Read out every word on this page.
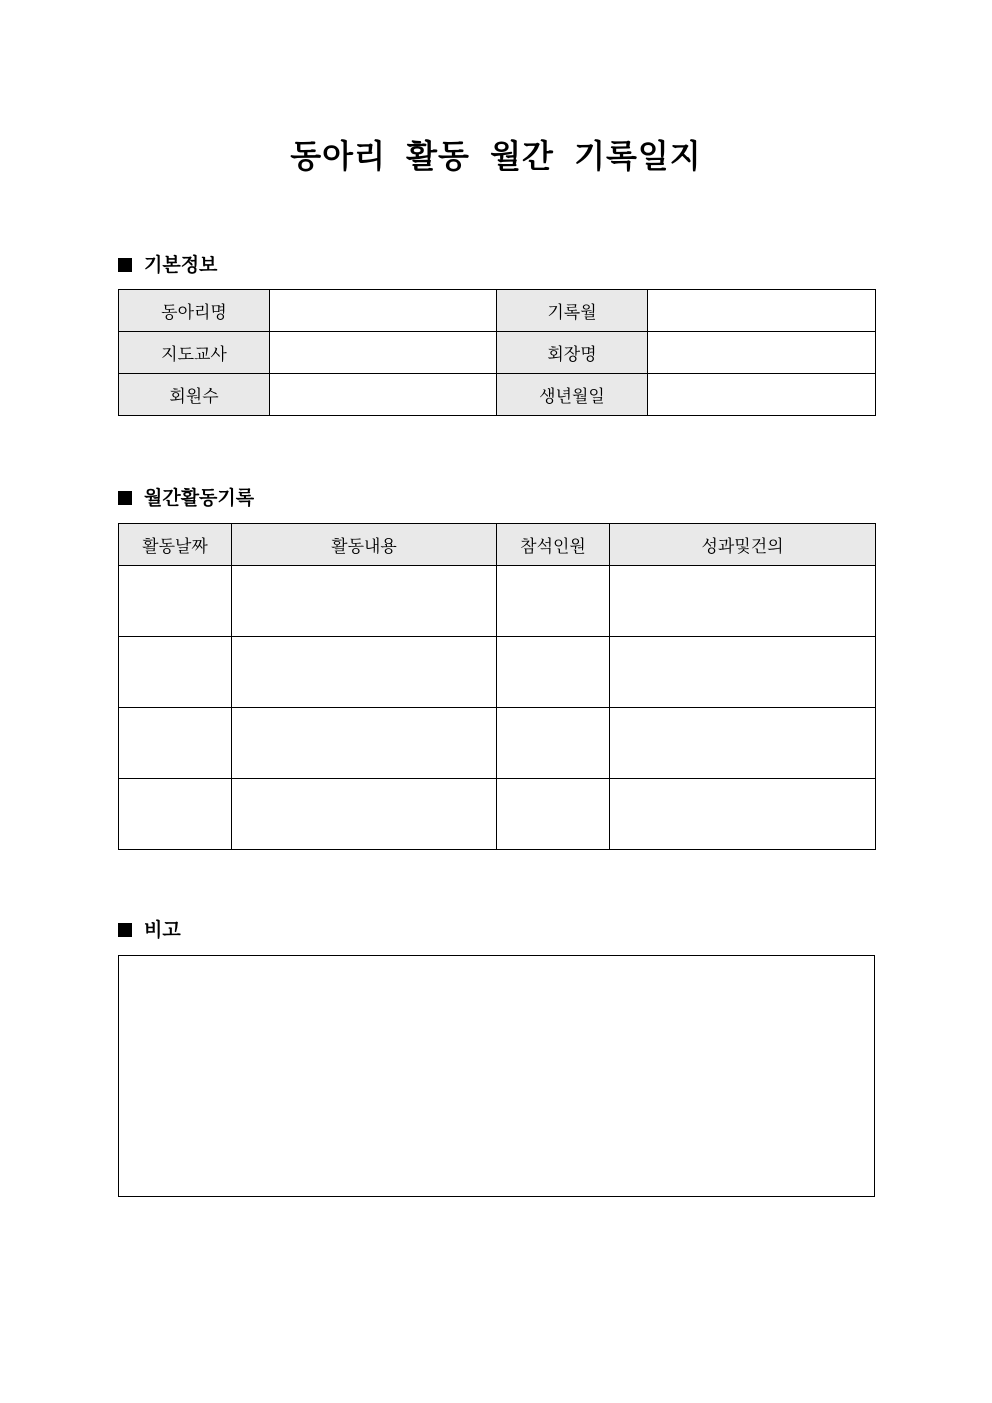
동아리 활동 월간 기록일지
기본정보
동아리명		기록월	
지도교사		회장명	
회원수		생년월일	
월간활동기록
활동날짜	활동내용	참석인원	성과및건의

비고
